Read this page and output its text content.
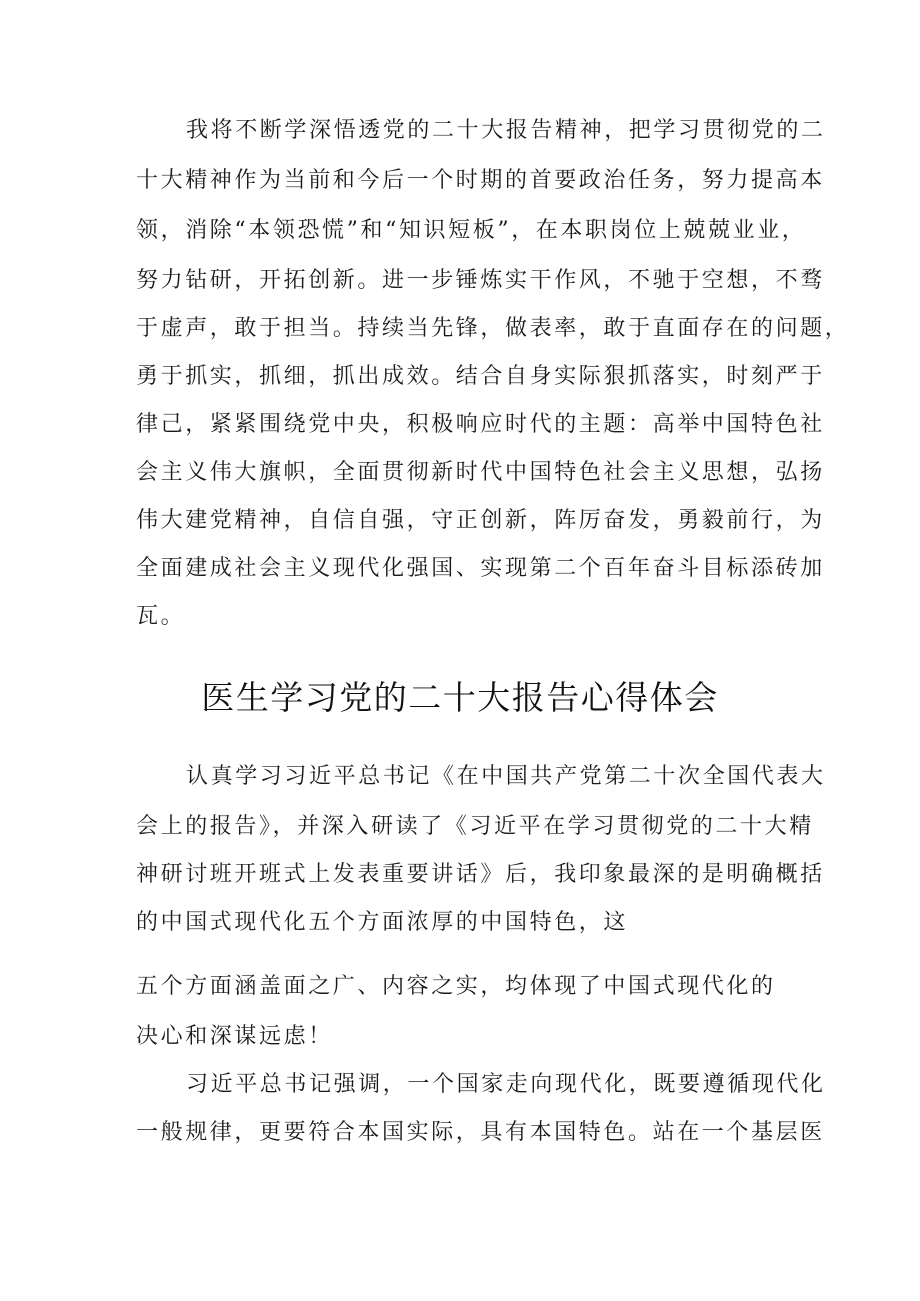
我将不断学深悟透党的二十大报告精神，把学习贯彻党的二
十大精神作为当前和今后一个时期的首要政治任务，努力提高本
领，消除“本领恐慌”和“知识短板”，在本职岗位上兢兢业业，
努力钻研，开拓创新。进一步锤炼实干作风，不驰于空想，不骛
于虚声，敢于担当。持续当先锋，做表率，敢于直面存在的问题，
勇于抓实，抓细，抓出成效。结合自身实际狠抓落实，时刻严于
律己，紧紧围绕党中央，积极响应时代的主题：高举中国特色社
会主义伟大旗帜，全面贯彻新时代中国特色社会主义思想，弘扬
伟大建党精神，自信自强，守正创新，阵厉奋发，勇毅前行，为
全面建成社会主义现代化强国、实现第二个百年奋斗目标添砖加
瓦。
医生学习党的二十大报告心得体会
认真学习习近平总书记《在中国共产党第二十次全国代表大
会上的报告》，并深入研读了《习近平在学习贯彻党的二十大精
神研讨班开班式上发表重要讲话》后，我印象最深的是明确概括
的中国式现代化五个方面浓厚的中国特色，这
五个方面涵盖面之广、内容之实，均体现了中国式现代化的
决心和深谋远虑！
习近平总书记强调，一个国家走向现代化，既要遵循现代化
一般规律，更要符合本国实际，具有本国特色。站在一个基层医
